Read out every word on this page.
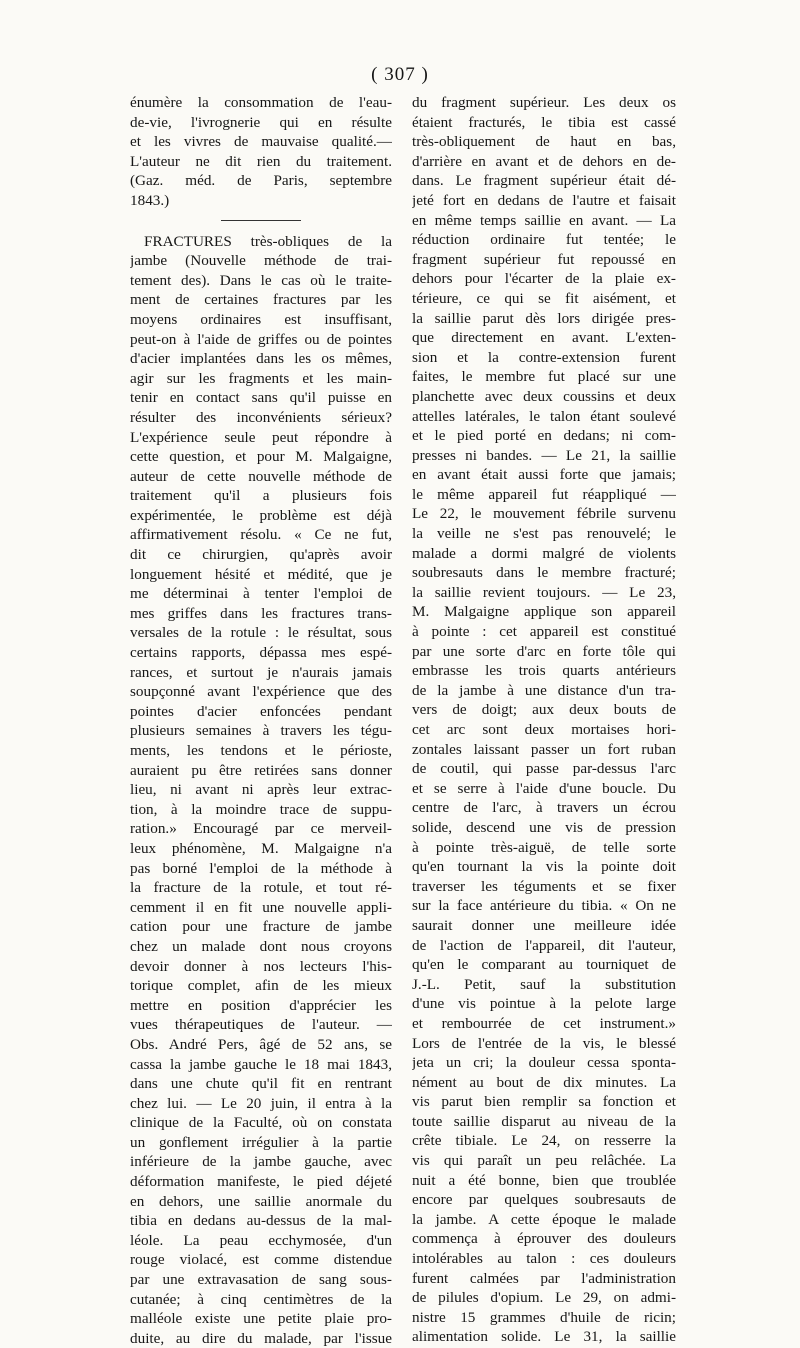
( 307 )
énumère la consommation de l'eau-
de-vie, l'ivrognerie qui en résulte
et les vivres de mauvaise qualité.—
L'auteur ne dit rien du traitement.
(Gaz. méd. de Paris, septembre
1843.)
FRACTURES très-obliques de la
jambe (Nouvelle méthode de trai-
tement des). Dans le cas où le traite-
ment de certaines fractures par les
moyens ordinaires est insuffisant,
peut-on à l'aide de griffes ou de pointes
d'acier implantées dans les os mêmes,
agir sur les fragments et les main-
tenir en contact sans qu'il puisse en
résulter des inconvénients sérieux?
L'expérience seule peut répondre à
cette question, et pour M. Malgaigne,
auteur de cette nouvelle méthode de
traitement qu'il a plusieurs fois
expérimentée, le problème est déjà
affirmativement résolu. « Ce ne fut,
dit ce chirurgien, qu'après avoir
longuement hésité et médité, que je
me déterminai à tenter l'emploi de
mes griffes dans les fractures trans-
versales de la rotule : le résultat, sous
certains rapports, dépassa mes espé-
rances, et surtout je n'aurais jamais
soupçonné avant l'expérience que des
pointes d'acier enfoncées pendant
plusieurs semaines à travers les tégu-
ments, les tendons et le périoste,
auraient pu être retirées sans donner
lieu, ni avant ni après leur extrac-
tion, à la moindre trace de suppu-
ration.» Encouragé par ce merveil-
leux phénomène, M. Malgaigne n'a
pas borné l'emploi de la méthode à
la fracture de la rotule, et tout ré-
cemment il en fit une nouvelle appli-
cation pour une fracture de jambe
chez un malade dont nous croyons
devoir donner à nos lecteurs l'his-
torique complet, afin de les mieux
mettre en position d'apprécier les
vues thérapeutiques de l'auteur. —
Obs. André Pers, âgé de 52 ans, se
cassa la jambe gauche le 18 mai 1843,
dans une chute qu'il fit en rentrant
chez lui. — Le 20 juin, il entra à la
clinique de la Faculté, où on constata
un gonflement irrégulier à la partie
inférieure de la jambe gauche, avec
déformation manifeste, le pied déjeté
en dehors, une saillie anormale du
tibia en dedans au-dessus de la mal-
léole. La peau ecchymosée, d'un
rouge violacé, est comme distendue
par une extravasation de sang sous-
cutanée; à cinq centimètres de la
malléole existe une petite plaie pro-
duite, au dire du malade, par l'issue
du fragment supérieur. Les deux os
étaient fracturés, le tibia est cassé
très-obliquement de haut en bas,
d'arrière en avant et de dehors en de-
dans. Le fragment supérieur était dé-
jeté fort en dedans de l'autre et faisait
en même temps saillie en avant. — La
réduction ordinaire fut tentée; le
fragment supérieur fut repoussé en
dehors pour l'écarter de la plaie ex-
térieure, ce qui se fit aisément, et
la saillie parut dès lors dirigée pres-
que directement en avant. L'exten-
sion et la contre-extension furent
faites, le membre fut placé sur une
planchette avec deux coussins et deux
attelles latérales, le talon étant soulevé
et le pied porté en dedans; ni com-
presses ni bandes. — Le 21, la saillie
en avant était aussi forte que jamais;
le même appareil fut réappliqué —
Le 22, le mouvement fébrile survenu
la veille ne s'est pas renouvelé; le
malade a dormi malgré de violents
soubresauts dans le membre fracturé;
la saillie revient toujours. — Le 23,
M. Malgaigne applique son appareil
à pointe : cet appareil est constitué
par une sorte d'arc en forte tôle qui
embrasse les trois quarts antérieurs
de la jambe à une distance d'un tra-
vers de doigt; aux deux bouts de
cet arc sont deux mortaises hori-
zontales laissant passer un fort ruban
de coutil, qui passe par-dessus l'arc
et se serre à l'aide d'une boucle. Du
centre de l'arc, à travers un écrou
solide, descend une vis de pression
à pointe très-aiguë, de telle sorte
qu'en tournant la vis la pointe doit
traverser les téguments et se fixer
sur la face antérieure du tibia. « On ne
saurait donner une meilleure idée
de l'action de l'appareil, dit l'auteur,
qu'en le comparant au tourniquet de
J.-L. Petit, sauf la substitution
d'une vis pointue à la pelote large
et rembourrée de cet instrument.»
Lors de l'entrée de la vis, le blessé
jeta un cri; la douleur cessa sponta-
nément au bout de dix minutes. La
vis parut bien remplir sa fonction et
toute saillie disparut au niveau de la
crête tibiale. Le 24, on resserre la
vis qui paraît un peu relâchée. La
nuit a été bonne, bien que troublée
encore par quelques soubresauts de
la jambe. A cette époque le malade
commença à éprouver des douleurs
intolérables au talon : ces douleurs
furent calmées par l'administration
de pilules d'opium. Le 29, on admi-
nistre 15 grammes d'huile de ricin;
alimentation solide. Le 31, la saillie
